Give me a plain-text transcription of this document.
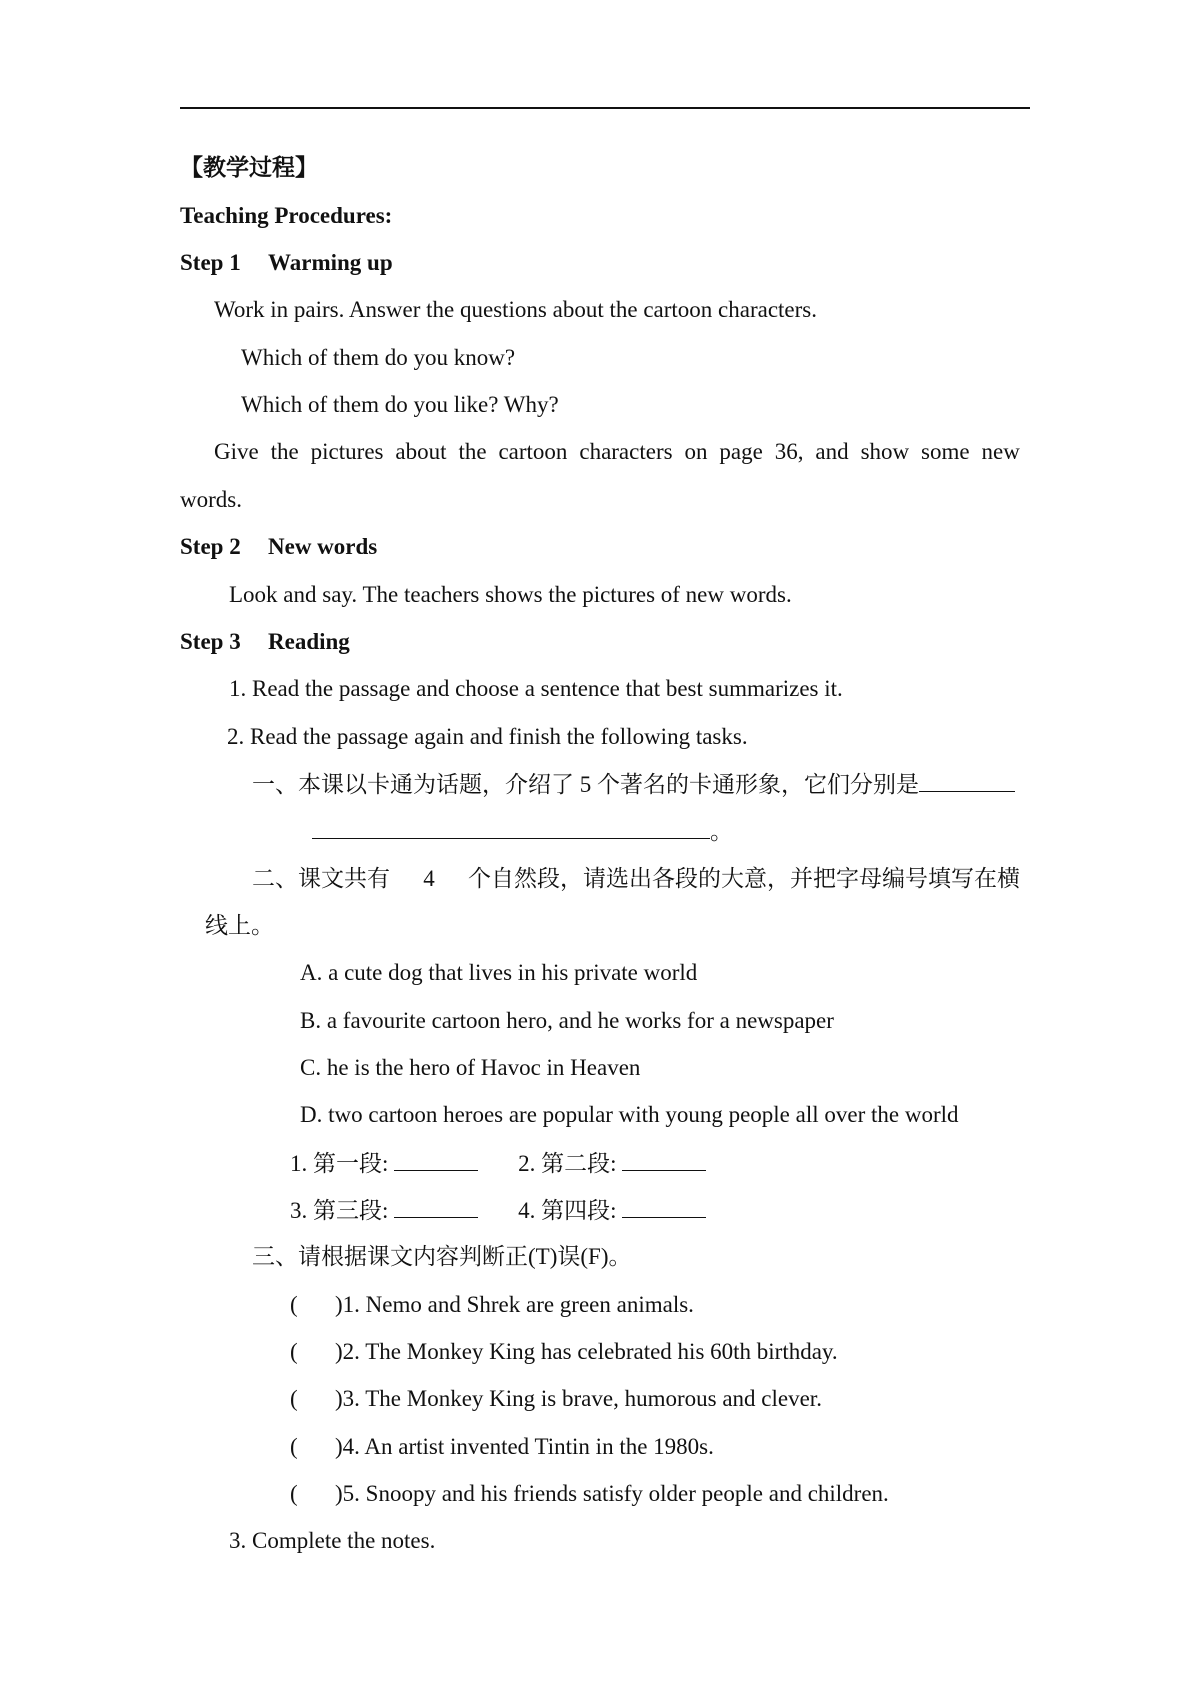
【教学过程】
Teaching Procedures:
Step 1 Warming up
Work in pairs. Answer the questions about the cartoon characters.
Which of them do you know?
Which of them do you like? Why?
Give the pictures about the cartoon characters on page 36, and show some new
words.
Step 2 New words
Look and say. The teachers shows the pictures of new words.
Step 3 Reading
1. Read the passage and choose a sentence that best summarizes it.
2. Read the passage again and finish the following tasks.
一、本课以卡通为话题，介绍了 5 个著名的卡通形象，它们分别是
。
二、课文共有 4 个自然段，请选出各段的大意，并把字母编号填写在横
线上。
A. a cute dog that lives in his private world
B. a favourite cartoon hero, and he works for a newspaper
C. he is the hero of Havoc in Heaven
D. two cartoon heroes are popular with young people all over the world
1. 第一段:	2. 第二段:
3. 第三段:	4. 第四段:
三、请根据课文内容判断正(T)误(F)。
( )1. Nemo and Shrek are green animals.
( )2. The Monkey King has celebrated his 60th birthday.
( )3. The Monkey King is brave, humorous and clever.
( )4. An artist invented Tintin in the 1980s.
( )5. Snoopy and his friends satisfy older people and children.
3. Complete the notes.
